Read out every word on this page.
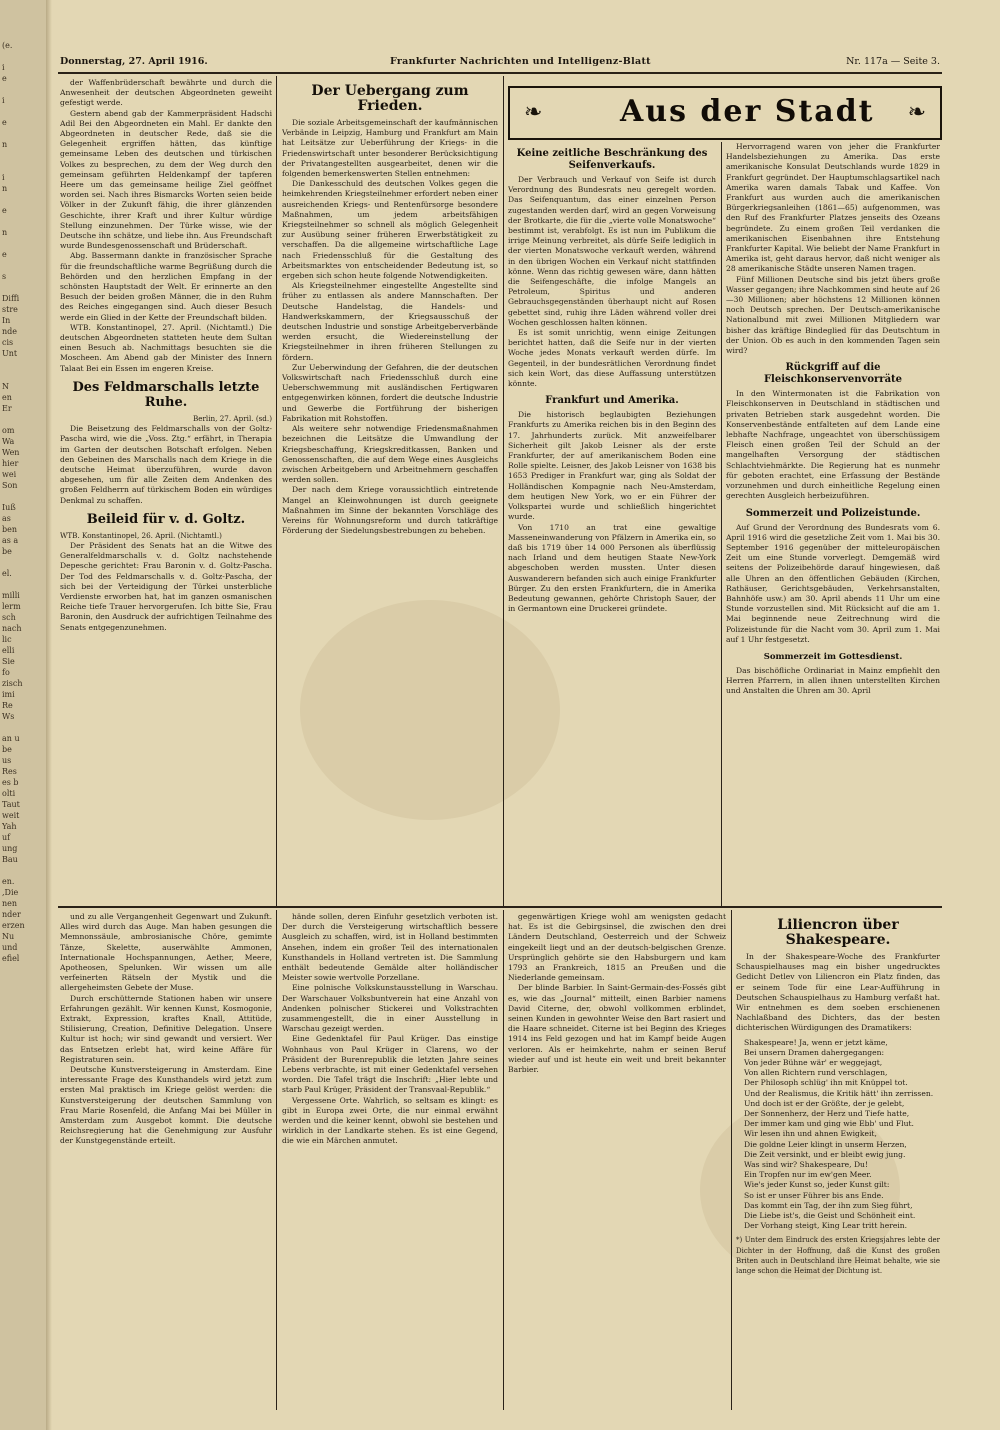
(e.

i
e

i

e

n

i
n

e

n

e

s

Diffi
stre
In
nde
cis
Unt

N
en
Er

om
Wa
Wen
hier
wei
Son

Iuß
as
ben
as a
be

el.

milli
lerm
sch
nach
lic
elli
Sie
fo
zisch
imi
Re
Ws

an u
be
us
Res
es b
olti
Taut
weit
Yah
uf
ung
Bau

en.
,Die
nen
nder
erzen
Nu
und
efiel
Donnerstag, 27. April 1916.	Frankfurter Nachrichten und Intelligenz-Blatt	Nr. 117a — Seite 3.

der Waffenbrüderschaft bewährte und durch die Anwesenheit der deutschen Abgeordneten geweiht gefestigt werde.

Gestern abend gab der Kammerpräsident Hadschi Adil Bei den Abgeordneten ein Mahl. Er dankte den Abgeordneten in deutscher Rede, daß sie die Gelegenheit ergriffen hätten, das künftige gemeinsame Leben des deutschen und türkischen Volkes zu besprechen, zu dem der Weg durch den gemeinsam geführten Heldenkampf der tapferen Heere um das gemeinsame heilige Ziel geöffnet worden sei. Nach ihres Bismarcks Worten seien beide Völker in der Zukunft fähig, die ihrer glänzenden Geschichte, ihrer Kraft und ihrer Kultur würdige Stellung einzunehmen. Der Türke wisse, wie der Deutsche ihn schätze, und liebe ihn. Aus Freundschaft wurde Bundesgenossenschaft und Brüderschaft.

Abg. Bassermann dankte in französischer Sprache für die freundschaftliche warme Begrüßung durch die Behörden und den herzlichen Empfang in der schönsten Hauptstadt der Welt. Er erinnerte an den Besuch der beiden großen Männer, die in den Ruhm des Reiches eingegangen sind. Auch dieser Besuch werde ein Glied in der Kette der Freundschaft bilden.

WTB. Konstantinopel, 27. April. (Nichtamtl.) Die deutschen Abgeordneten statteten heute dem Sultan einen Besuch ab. Nachmittags besuchten sie die Moscheen. Am Abend gab der Minister des Innern Talaat Bei ein Essen im engeren Kreise.

Des Feldmarschalls letzte Ruhe.

Berlin, 27. April. (sd.)

Die Beisetzung des Feldmarschalls von der Goltz-Pascha wird, wie die „Voss. Ztg.“ erfährt, in Therapia im Garten der deutschen Botschaft erfolgen. Neben den Gebeinen des Marschalls nach dem Kriege in die deutsche Heimat überzuführen, wurde davon abgesehen, um für alle Zeiten dem Andenken des großen Feldherrn auf türkischem Boden ein würdiges Denkmal zu schaffen.

Beileid für v. d. Goltz.

WTB. Konstantinopel, 26. April. (Nichtamtl.)

Der Präsident des Senats hat an die Witwe des Generalfeldmarschalls v. d. Goltz nachstehende Depesche gerichtet: Frau Baronin v. d. Goltz-Pascha. Der Tod des Feldmarschalls v. d. Goltz-Pascha, der sich bei der Verteidigung der Türkei unsterbliche Verdienste erworben hat, hat im ganzen osmanischen Reiche tiefe Trauer hervorgerufen. Ich bitte Sie, Frau Baronin, den Ausdruck der aufrichtigen Teilnahme des Senats entgegenzunehmen.

Der Uebergang zum Frieden.

Die soziale Arbeitsgemeinschaft der kaufmännischen Verbände in Leipzig, Hamburg und Frankfurt am Main hat Leitsätze zur Ueberführung der Kriegs- in die Friedenswirtschaft unter besonderer Berücksichtigung der Privatangestellten ausgearbeitet, denen wir die folgenden bemerkenswerten Stellen entnehmen:

Die Dankesschuld des deutschen Volkes gegen die heimkehrenden Kriegsteilnehmer erfordert neben einer ausreichenden Kriegs- und Rentenfürsorge besondere Maßnahmen, um jedem arbeitsfähigen Kriegsteilnehmer so schnell als möglich Gelegenheit zur Ausübung seiner früheren Erwerbstätigkeit zu verschaffen. Da die allgemeine wirtschaftliche Lage nach Friedensschluß für die Gestaltung des Arbeitsmarktes von entscheidender Bedeutung ist, so ergeben sich schon heute folgende Notwendigkeiten.

Als Kriegsteilnehmer eingestellte Angestellte sind früher zu entlassen als andere Mannschaften. Der Deutsche Handelstag, die Handels- und Handwerkskammern, der Kriegsausschuß der deutschen Industrie und sonstige Arbeitgeberverbände werden ersucht, die Wiedereinstellung der Kriegsteilnehmer in ihren früheren Stellungen zu fördern.

Zur Ueberwindung der Gefahren, die der deutschen Volkswirtschaft nach Friedensschluß durch eine Ueberschwemmung mit ausländischen Fertigwaren entgegenwirken können, fordert die deutsche Industrie und Gewerbe die Fortführung der bisherigen Fabrikation mit Rohstoffen.

Als weitere sehr notwendige Friedensmaßnahmen bezeichnen die Leitsätze die Umwandlung der Kriegsbeschaffung, Kriegskreditkassen, Banken und Genossenschaften, die auf dem Wege eines Ausgleichs zwischen Arbeitgebern und Arbeitnehmern geschaffen werden sollen.

Der nach dem Kriege voraussichtlich eintretende Mangel an Kleinwohnungen ist durch geeignete Maßnahmen im Sinne der bekannten Vorschläge des Vereins für Wohnungsreform und durch tatkräftige Förderung der Siedelungsbestrebungen zu beheben.

❧	Aus der Stadt ❧
Keine zeitliche Beschränkung des Seifenverkaufs.

Der Verbrauch und Verkauf von Seife ist durch Verordnung des Bundesrats neu geregelt worden. Das Seifenquantum, das einer einzelnen Person zugestanden werden darf, wird an gegen Vorweisung der Brotkarte, die für die „vierte volle Monatswoche“ bestimmt ist, verabfolgt. Es ist nun im Publikum die irrige Meinung verbreitet, als dürfe Seife lediglich in der vierten Monatswoche verkauft werden, während in den übrigen Wochen ein Verkauf nicht stattfinden könne. Wenn das richtig gewesen wäre, dann hätten die Seifengeschäfte, die infolge Mangels an Petroleum, Spiritus und anderen Gebrauchsgegenständen überhaupt nicht auf Rosen gebettet sind, ruhig ihre Läden während voller drei Wochen geschlossen halten können.

Es ist somit unrichtig, wenn einige Zeitungen berichtet hatten, daß die Seife nur in der vierten Woche jedes Monats verkauft werden dürfe. Im Gegenteil, in der bundesrätlichen Verordnung findet sich kein Wort, das diese Auffassung unterstützen könnte.

Frankfurt und Amerika.

Die historisch beglaubigten Beziehungen Frankfurts zu Amerika reichen bis in den Beginn des 17. Jahrhunderts zurück. Mit anzweifelbarer Sicherheit gilt Jakob Leisner als der erste Frankfurter, der auf amerikanischem Boden eine Rolle spielte. Leisner, des Jakob Leisner von 1638 bis 1653 Prediger in Frankfurt war, ging als Soldat der Holländischen Kompagnie nach Neu-Amsterdam, dem heutigen New York, wo er ein Führer der Volkspartei wurde und schließlich hingerichtet wurde.

Von 1710 an trat eine gewaltige Masseneinwanderung von Pfälzern in Amerika ein, so daß bis 1719 über 14 000 Personen als überflüssig nach Irland und dem heutigen Staate New-York abgeschoben werden mussten. Unter diesen Auswanderern befanden sich auch einige Frankfurter Bürger. Zu den ersten Frankfurtern, die in Amerika Bedeutung gewannen, gehörte Christoph Sauer, der in Germantown eine Druckerei gründete.

Hervorragend waren von jeher die Frankfurter Handelsbeziehungen zu Amerika. Das erste amerikanische Konsulat Deutschlands wurde 1829 in Frankfurt gegründet. Der Hauptumschlagsartikel nach Amerika waren damals Tabak und Kaffee. Von Frankfurt aus wurden auch die amerikanischen Bürgerkriegsanleihen (1861—65) aufgenommen, was den Ruf des Frankfurter Platzes jenseits des Ozeans begründete. Zu einem großen Teil verdanken die amerikanischen Eisenbahnen ihre Entstehung Frankfurter Kapital. Wie beliebt der Name Frankfurt in Amerika ist, geht daraus hervor, daß nicht weniger als 28 amerikanische Städte unseren Namen tragen.

Fünf Millionen Deutsche sind bis jetzt übers große Wasser gegangen; ihre Nachkommen sind heute auf 26—30 Millionen; aber höchstens 12 Millionen können noch Deutsch sprechen. Der Deutsch-amerikanische Nationalbund mit zwei Millionen Mitgliedern war bisher das kräftige Bindeglied für das Deutschtum in der Union. Ob es auch in den kommenden Tagen sein wird?

Rückgriff auf die Fleischkonservenvorräte

In den Wintermonaten ist die Fabrikation von Fleischkonserven in Deutschland in städtischen und privaten Betrieben stark ausgedehnt worden. Die Konservenbestände entfalteten auf dem Lande eine lebhafte Nachfrage, ungeachtet von überschüssigem Fleisch einen großen Teil der Schuld an der mangelhaften Versorgung der städtischen Schlachtviehmärkte. Die Regierung hat es nunmehr für geboten erachtet, eine Erfassung der Bestände vorzunehmen und durch einheitliche Regelung einen gerechten Ausgleich herbeizuführen.

Sommerzeit und Polizeistunde.

Auf Grund der Verordnung des Bundesrats vom 6. April 1916 wird die gesetzliche Zeit vom 1. Mai bis 30. September 1916 gegenüber der mitteleuropäischen Zeit um eine Stunde vorverlegt. Demgemäß wird seitens der Polizeibehörde darauf hingewiesen, daß alle Uhren an den öffentlichen Gebäuden (Kirchen, Rathäuser, Gerichtsgebäuden, Verkehrsanstalten, Bahnhöfe usw.) am 30. April abends 11 Uhr um eine Stunde vorzustellen sind. Mit Rücksicht auf die am 1. Mai beginnende neue Zeitrechnung wird die Polizeistunde für die Nacht vom 30. April zum 1. Mai auf 1 Uhr festgesetzt.

Sommerzeit im Gottesdienst.

Das bischöfliche Ordinariat in Mainz empfiehlt den Herren Pfarrern, in allen ihnen unterstellten Kirchen und Anstalten die Uhren am 30. April

und zu alle Vergangenheit Gegenwart und Zukunft. Alles wird durch das Auge. Man haben gesungen die Memnonssäule, ambrosianische Chöre, gemimte Tänze, Skelette, auserwählte Ammonen, Internationale Hochspannungen, Aether, Meere, Apotheosen, Spelunken. Wir wissen um alle verfeinerten Rätseln der Mystik und die allergeheimsten Gebete der Muse.

Durch erschütternde Stationen haben wir unsere Erfahrungen gezählt. Wir kennen Kunst, Kosmogonie, Extrakt, Expression, kraftes Knall, Attitüde, Stilisierung, Creation, Definitive Delegation. Unsere Kultur ist hoch; wir sind gewandt und versiert. Wer das Entsetzen erlebt hat, wird keine Affäre für Registraturen sein.

Deutsche Kunstversteigerung in Amsterdam. Eine interessante Frage des Kunsthandels wird jetzt zum ersten Mal praktisch im Kriege gelöst werden: die Kunstversteigerung der deutschen Sammlung von Frau Marie Rosenfeld, die Anfang Mai bei Müller in Amsterdam zum Ausgebot kommt. Die deutsche Reichsregierung hat die Genehmigung zur Ausfuhr der Kunstgegenstände erteilt.

hände sollen, deren Einfuhr gesetzlich verboten ist. Der durch die Versteigerung wirtschaftlich bessere Ausgleich zu schaffen, wird, ist in Holland bestimmten Ansehen, indem ein großer Teil des internationalen Kunsthandels in Holland vertreten ist. Die Sammlung enthält bedeutende Gemälde alter holländischer Meister sowie wertvolle Porzellane.

Eine polnische Volkskunstausstellung in Warschau. Der Warschauer Volksbuntverein hat eine Anzahl von Andenken polnischer Stickerei und Volkstrachten zusammengestellt, die in einer Ausstellung in Warschau gezeigt werden.

Eine Gedenktafel für Paul Krüger. Das einstige Wohnhaus von Paul Krüger in Clarens, wo der Präsident der Burenrepublik die letzten Jahre seines Lebens verbrachte, ist mit einer Gedenktafel versehen worden. Die Tafel trägt die Inschrift: „Hier lebte und starb Paul Krüger, Präsident der Transvaal-Republik.“

Vergessene Orte. Wahrlich, so seltsam es klingt: es gibt in Europa zwei Orte, die nur einmal erwähnt werden und die keiner kennt, obwohl sie bestehen und wirklich in der Landkarte stehen. Es ist eine Gegend, die wie ein Märchen anmutet.

gegenwärtigen Kriege wohl am wenigsten gedacht hat. Es ist die Gebirgsinsel, die zwischen den drei Ländern Deutschland, Oesterreich und der Schweiz eingekeilt liegt und an der deutsch-belgischen Grenze. Ursprünglich gehörte sie den Habsburgern und kam 1793 an Frankreich, 1815 an Preußen und die Niederlande gemeinsam.

Der blinde Barbier. In Saint-Germain-des-Fossés gibt es, wie das „Journal“ mitteilt, einen Barbier namens David Citerne, der, obwohl vollkommen erblindet, seinen Kunden in gewohnter Weise den Bart rasiert und die Haare schneidet. Citerne ist bei Beginn des Krieges 1914 ins Feld gezogen und hat im Kampf beide Augen verloren. Als er heimkehrte, nahm er seinen Beruf wieder auf und ist heute ein weit und breit bekannter Barbier.

Liliencron über Shakespeare.

In der Shakespeare-Woche des Frankfurter Schauspielhauses mag ein bisher ungedrucktes Gedicht Detlev von Liliencron ein Platz finden, das er seinem Tode für eine Lear-Aufführung in Deutschen Schauspielhaus zu Hamburg verfaßt hat. Wir entnehmen es dem soeben erschienenen Nachlaßband des Dichters, das der besten dichterischen Würdigungen des Dramatikers:

Shakespeare! Ja, wenn er jetzt käme,
Bei unsern Dramen dahergegangen:
Von jeder Bühne wär' er weggejagt,
Von allen Richtern rund verschlagen,
Der Philosoph schlüg' ihn mit Knüppel tot.
Und der Realismus, die Kritik hätt' ihn zerrissen.
Und doch ist er der Größte, der je gelebt,
Der Sonnenherz, der Herz und Tiefe hatte,
Der immer kam und ging wie Ebb' und Flut.
Wir lesen ihn und ahnen Ewigkeit,
Die goldne Leier klingt in unserm Herzen,
Die Zeit versinkt, und er bleibt ewig jung.
Was sind wir? Shakespeare, Du!
Ein Tropfen nur im ew'gen Meer.
Wie's jeder Kunst so, jeder Kunst gilt:
So ist er unser Führer bis ans Ende.
Das kommt ein Tag, der ihn zum Sieg führt,
Die Liebe ist's, die Geist und Schönheit eint.
Der Vorhang steigt, King Lear tritt herein.

*) Unter dem Eindruck des ersten Kriegsjahres lebte der Dichter in der Hoffnung, daß die Kunst des großen Briten auch in Deutschland ihre Heimat behalte, wie sie lange schon die Heimat der Dichtung ist.
